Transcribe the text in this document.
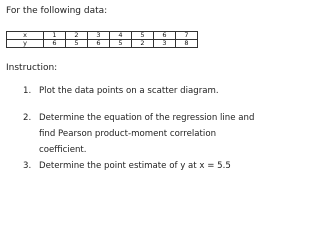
For the following data:
x	1	2	3	4	5	6	7
y	6	5	6	5	2	3	8
Instruction:
1. Plot the data points on a scatter diagram.
2. Determine the equation of the regression line and find Pearson product-moment correlation coefficient.
3. Determine the point estimate of y at x = 5.5
